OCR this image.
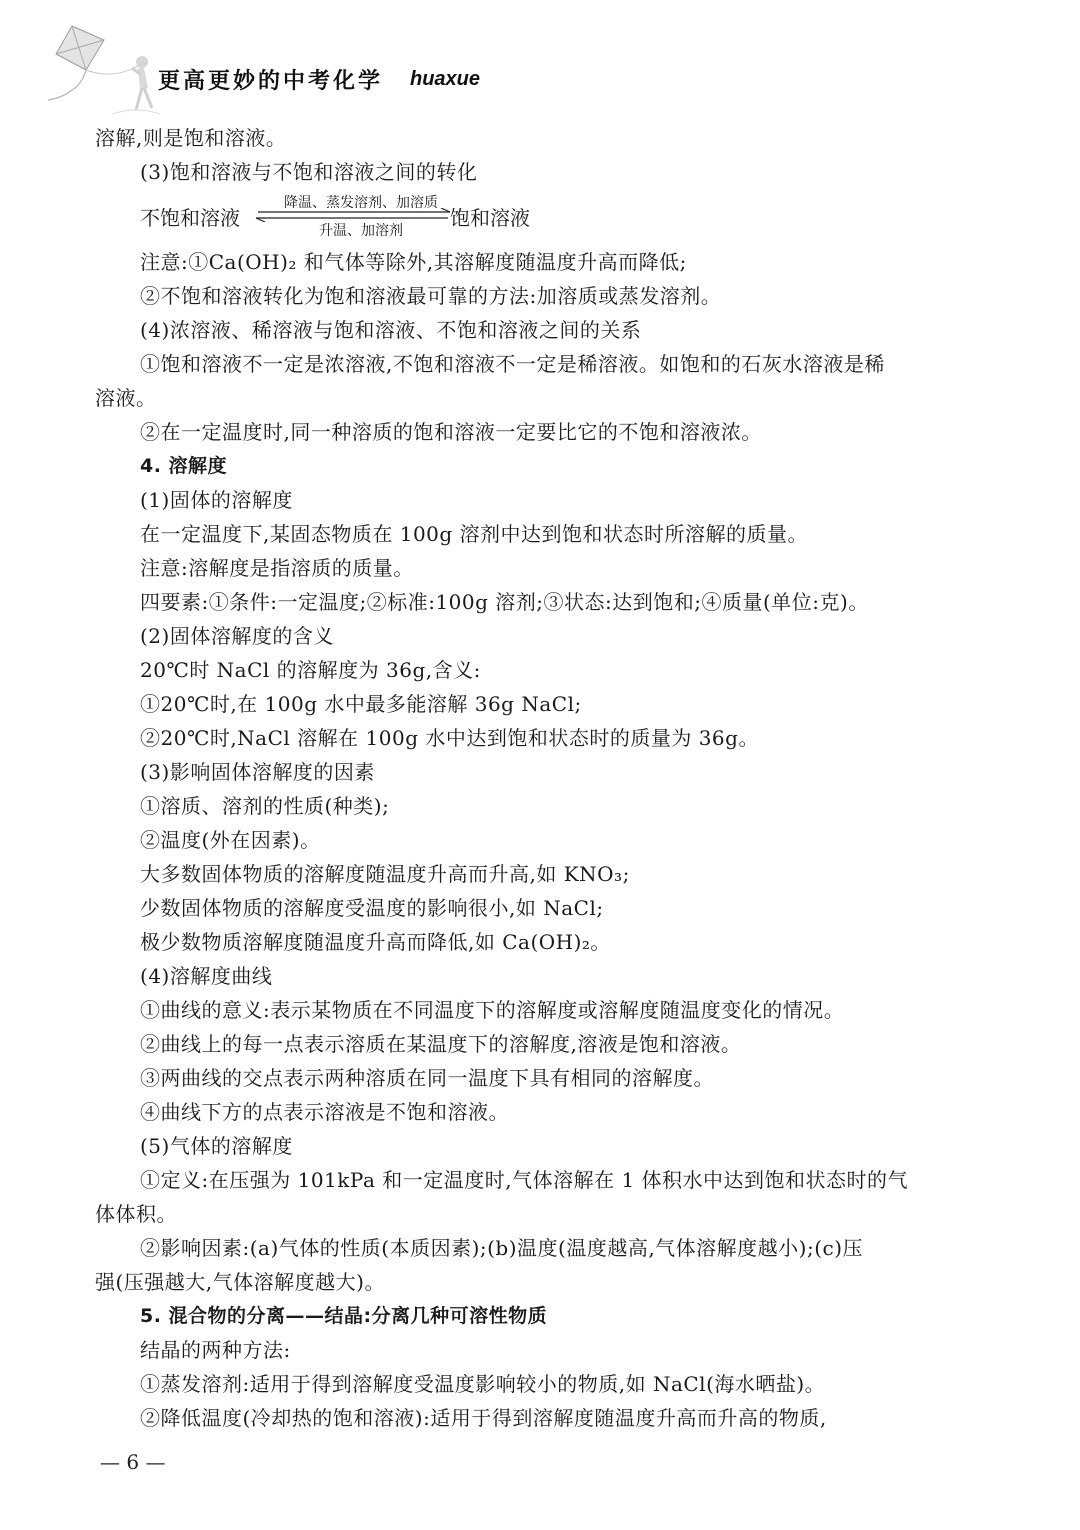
更高更妙的中考化学 huaxue
溶解,则是饱和溶液。
(3)饱和溶液与不饱和溶液之间的转化
不饱和溶液
降温、蒸发溶剂、加溶质
升温、加溶剂
饱和溶液
注意:①Ca(OH)₂ 和气体等除外,其溶解度随温度升高而降低;
②不饱和溶液转化为饱和溶液最可靠的方法:加溶质或蒸发溶剂。
(4)浓溶液、稀溶液与饱和溶液、不饱和溶液之间的关系
①饱和溶液不一定是浓溶液,不饱和溶液不一定是稀溶液。如饱和的石灰水溶液是稀
溶液。
②在一定温度时,同一种溶质的饱和溶液一定要比它的不饱和溶液浓。
4. 溶解度
(1)固体的溶解度
在一定温度下,某固态物质在 100g 溶剂中达到饱和状态时所溶解的质量。
注意:溶解度是指溶质的质量。
四要素:①条件:一定温度;②标准:100g 溶剂;③状态:达到饱和;④质量(单位:克)。
(2)固体溶解度的含义
20℃时 NaCl 的溶解度为 36g,含义:
①20℃时,在 100g 水中最多能溶解 36g NaCl;
②20℃时,NaCl 溶解在 100g 水中达到饱和状态时的质量为 36g。
(3)影响固体溶解度的因素
①溶质、溶剂的性质(种类);
②温度(外在因素)。
大多数固体物质的溶解度随温度升高而升高,如 KNO₃;
少数固体物质的溶解度受温度的影响很小,如 NaCl;
极少数物质溶解度随温度升高而降低,如 Ca(OH)₂。
(4)溶解度曲线
①曲线的意义:表示某物质在不同温度下的溶解度或溶解度随温度变化的情况。
②曲线上的每一点表示溶质在某温度下的溶解度,溶液是饱和溶液。
③两曲线的交点表示两种溶质在同一温度下具有相同的溶解度。
④曲线下方的点表示溶液是不饱和溶液。
(5)气体的溶解度
①定义:在压强为 101kPa 和一定温度时,气体溶解在 1 体积水中达到饱和状态时的气
体体积。
②影响因素:(a)气体的性质(本质因素);(b)温度(温度越高,气体溶解度越小);(c)压
强(压强越大,气体溶解度越大)。
5. 混合物的分离——结晶:分离几种可溶性物质
结晶的两种方法:
①蒸发溶剂:适用于得到溶解度受温度影响较小的物质,如 NaCl(海水晒盐)。
②降低温度(冷却热的饱和溶液):适用于得到溶解度随温度升高而升高的物质,
— 6 —
